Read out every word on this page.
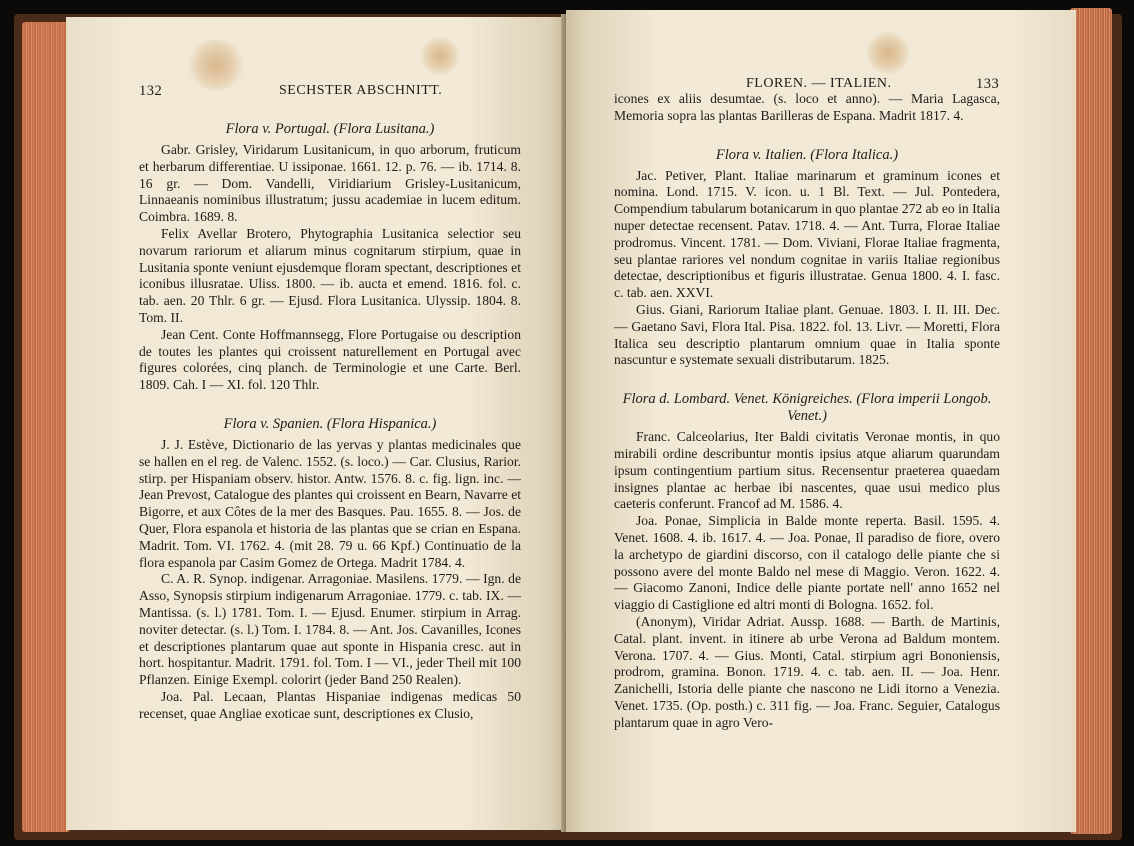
132	SECHSTER ABSCHNITT.
Flora v. Portugal. (Flora Lusitana.)

Gabr. Grisley, Viridarum Lusitanicum, in quo arborum, fruticum et herbarum differentiae. U issiponae. 1661. 12. p. 76. — ib. 1714. 8. 16 gr. — Dom. Vandelli, Viridiarium Grisley-Lusitanicum, Linnaeanis nominibus illustratum; jussu academiae in lucem editum. Coimbra. 1689. 8.

Felix Avellar Brotero, Phytographia Lusitanica selectior seu novarum rariorum et aliarum minus cognitarum stirpium, quae in Lusitania sponte veniunt ejusdemque floram spectant, descriptiones et iconibus illusratae. Uliss. 1800. — ib. aucta et emend. 1816. fol. c. tab. aen. 20 Thlr. 6 gr. — Ejusd. Flora Lusitanica. Ulyssip. 1804. 8. Tom. II.

Jean Cent. Conte Hoffmannsegg, Flore Portugaise ou description de toutes les plantes qui croissent naturellement en Portugal avec figures colorées, cinq planch. de Terminologie et une Carte. Berl. 1809. Cah. I — XI. fol. 120 Thlr.

Flora v. Spanien. (Flora Hispanica.)

J. J. Estève, Dictionario de las yervas y plantas medicinales que se hallen en el reg. de Valenc. 1552. (s. loco.) — Car. Clusius, Rarior. stirp. per Hispaniam observ. histor. Antw. 1576. 8. c. fig. lign. inc. — Jean Prevost, Catalogue des plantes qui croissent en Bearn, Navarre et Bigorre, et aux Côtes de la mer des Basques. Pau. 1655. 8. — Jos. de Quer, Flora espanola et historia de las plantas que se crian en Espana. Madrit. Tom. VI. 1762. 4. (mit 28. 79 u. 66 Kpf.) Continuatio de la flora espanola par Casim Gomez de Ortega. Madrit 1784. 4.

C. A. R. Synop. indigenar. Arragoniae. Masilens. 1779. — Ign. de Asso, Synopsis stirpium indigenarum Arragoniae. 1779. c. tab. IX. — Mantissa. (s. l.) 1781. Tom. I. — Ejusd. Enumer. stirpium in Arrag. noviter detectar. (s. l.) Tom. I. 1784. 8. — Ant. Jos. Cavanilles, Icones et descriptiones plantarum quae aut sponte in Hispania cresc. aut in hort. hospitantur. Madrit. 1791. fol. Tom. I — VI., jeder Theil mit 100 Pflanzen. Einige Exempl. colorirt (jeder Band 250 Realen).

Joa. Pal. Lecaan, Plantas Hispaniae indigenas medicas 50 recenset, quae Angliae exoticae sunt, descriptiones ex Clusio,

FLOREN. — ITALIEN.	133

icones ex aliis desumtae. (s. loco et anno). — Maria Lagasca, Memoria sopra las plantas Barilleras de Espana. Madrit 1817. 4.

Flora v. Italien. (Flora Italica.)

Jac. Petiver, Plant. Italiae marinarum et graminum icones et nomina. Lond. 1715. V. icon. u. 1 Bl. Text. — Jul. Pontedera, Compendium tabularum botanicarum in quo plantae 272 ab eo in Italia nuper detectae recensent. Patav. 1718. 4. — Ant. Turra, Florae Italiae prodromus. Vincent. 1781. — Dom. Viviani, Florae Italiae fragmenta, seu plantae rariores vel nondum cognitae in variis Italiae regionibus detectae, descriptionibus et figuris illustratae. Genua 1800. 4. I. fasc. c. tab. aen. XXVI.

Gius. Giani, Rariorum Italiae plant. Genuae. 1803. I. II. III. Dec. — Gaetano Savi, Flora Ital. Pisa. 1822. fol. 13. Livr. — Moretti, Flora Italica seu descriptio plantarum omnium quae in Italia sponte nascuntur e systemate sexuali distributarum. 1825.

Flora d. Lombard. Venet. Königreiches. (Flora imperii Longob. Venet.)

Franc. Calceolarius, Iter Baldi civitatis Veronae montis, in quo mirabili ordine describuntur montis ipsius atque aliarum quarundam ipsum contingentium partium situs. Recensentur praeterea quaedam insignes plantae ac herbae ibi nascentes, quae usui medico plus caeteris conferunt. Francof ad M. 1586. 4.

Joa. Ponae, Simplicia in Balde monte reperta. Basil. 1595. 4. Venet. 1608. 4. ib. 1617. 4. — Joa. Ponae, Il paradiso de fiore, overo la archetypo de giardini discorso, con il catalogo delle piante che si possono avere del monte Baldo nel mese di Maggio. Veron. 1622. 4. — Giacomo Zanoni, Indice delle piante portate nell' anno 1652 nel viaggio di Castiglione ed altri monti di Bologna. 1652. fol.

(Anonym), Viridar Adriat. Aussp. 1688. — Barth. de Martinis, Catal. plant. invent. in itinere ab urbe Verona ad Baldum montem. Verona. 1707. 4. — Gius. Monti, Catal. stirpium agri Bononiensis, prodrom, gramina. Bonon. 1719. 4. c. tab. aen. II. — Joa. Henr. Zanichelli, Istoria delle piante che nascono ne Lidi itorno a Venezia. Venet. 1735. (Op. posth.) c. 311 fig. — Joa. Franc. Seguier, Catalogus plantarum quae in agro Vero-
